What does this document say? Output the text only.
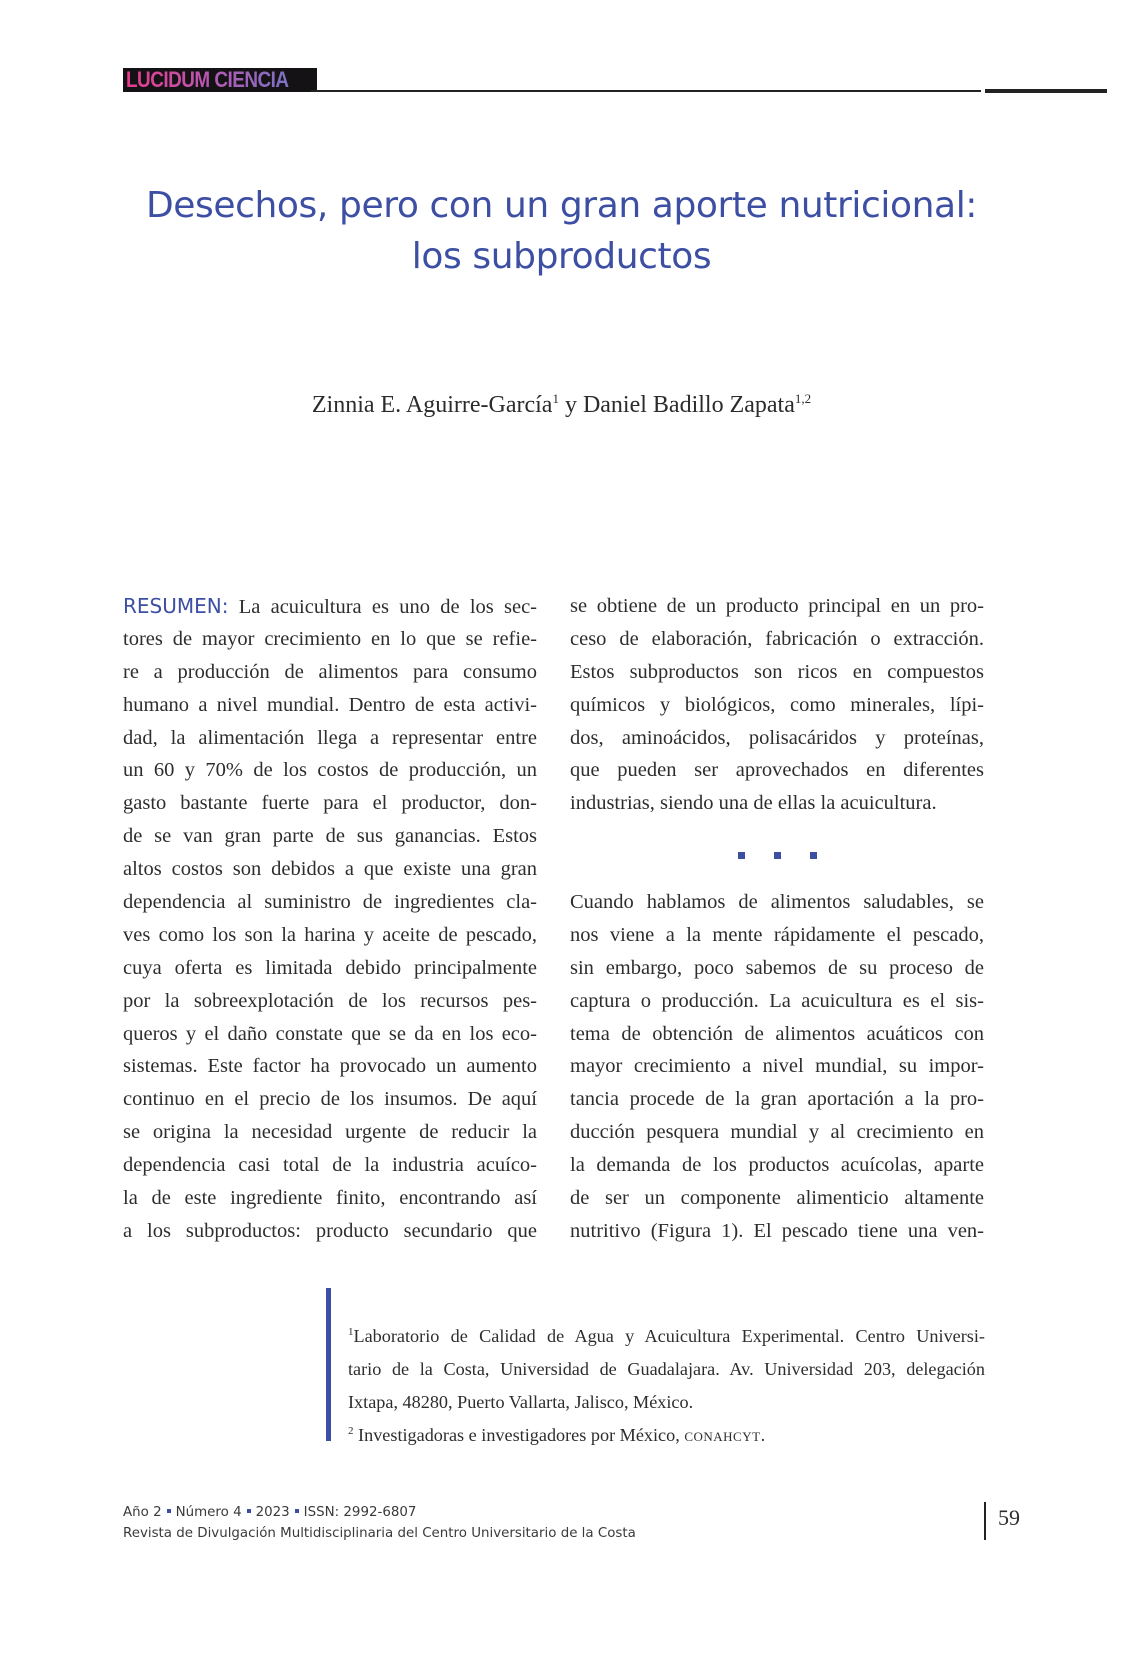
LUCIDUM CIENCIA
Desechos, pero con un gran aporte nutricional:
los subproductos
Zinnia E. Aguirre-García$^1$ y Daniel Badillo Zapata$^{1,2}$
RESUMEN: La acuicultura es uno de los sec-
tores de mayor crecimiento en lo que se refie-
re a producción de alimentos para consumo
humano a nivel mundial. Dentro de esta activi-
dad, la alimentación llega a representar entre
un 60 y 70% de los costos de producción, un
gasto bastante fuerte para el productor, don-
de se van gran parte de sus ganancias. Estos
altos costos son debidos a que existe una gran
dependencia al suministro de ingredientes cla-
ves como los son la harina y aceite de pescado,
cuya oferta es limitada debido principalmente
por la sobreexplotación de los recursos pes-
queros y el daño constate que se da en los eco-
sistemas. Este factor ha provocado un aumento
continuo en el precio de los insumos. De aquí
se origina la necesidad urgente de reducir la
dependencia casi total de la industria acuíco-
la de este ingrediente finito, encontrando así
a los subproductos: producto secundario que
se obtiene de un producto principal en un pro-
ceso de elaboración, fabricación o extracción.
Estos subproductos son ricos en compuestos
químicos y biológicos, como minerales, lípi-
dos, aminoácidos, polisacáridos y proteínas,
que pueden ser aprovechados en diferentes
industrias, siendo una de ellas la acuicultura.
Cuando hablamos de alimentos saludables, se
nos viene a la mente rápidamente el pescado,
sin embargo, poco sabemos de su proceso de
captura o producción. La acuicultura es el sis-
tema de obtención de alimentos acuáticos con
mayor crecimiento a nivel mundial, su impor-
tancia procede de la gran aportación a la pro-
ducción pesquera mundial y al crecimiento en
la demanda de los productos acuícolas, aparte
de ser un componente alimenticio altamente
nutritivo (Figura 1). El pescado tiene una ven-
$^1$Laboratorio de Calidad de Agua y Acuicultura Experimental. Centro Universi-
tario de la Costa, Universidad de Guadalajara. Av. Universidad 203, delegación
Ixtapa, 48280, Puerto Vallarta, Jalisco, México.
$^2$ Investigadoras e investigadores por México, conahcyt.
Año 2 Número 4 2023 ISSN: 2992-6807
Revista de Divulgación Multidisciplinaria del Centro Universitario de la Costa
59
